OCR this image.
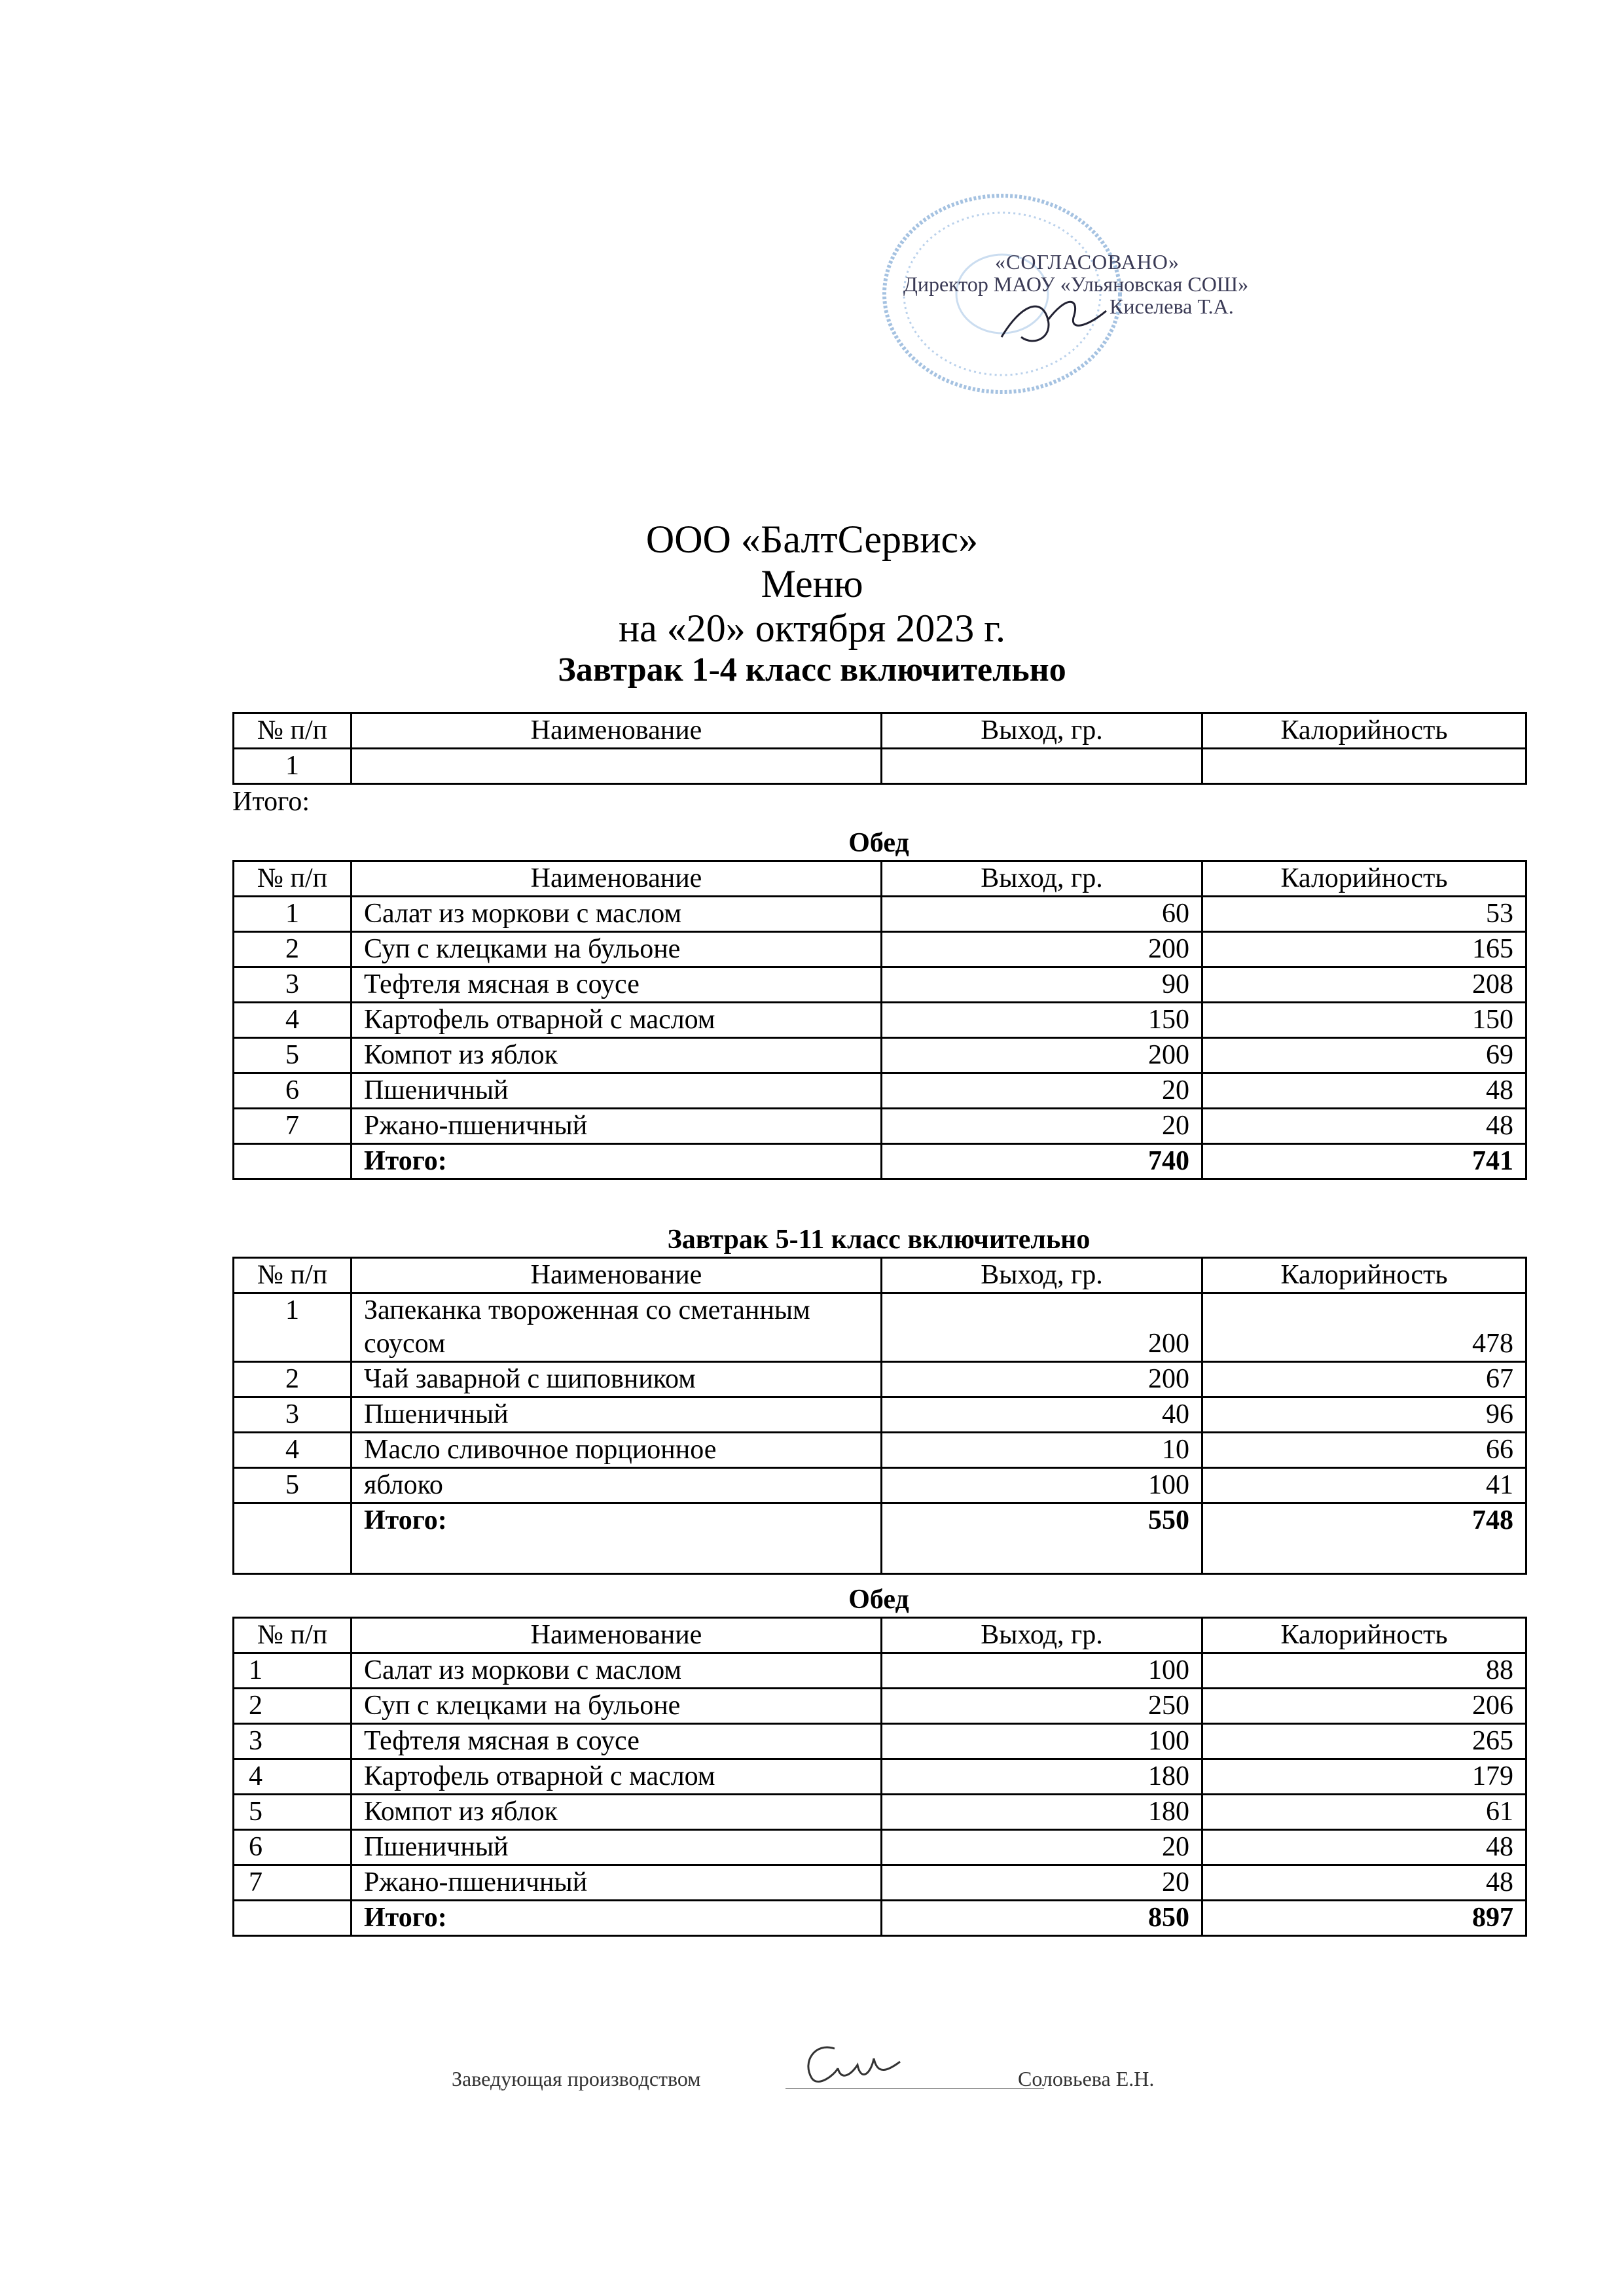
«СОГЛАСОВАНО»
Директор МАОУ «Ульяновская СОШ»
Киселева Т.А.
ООО «БалтСервис»
Меню
на «20» октября 2023 г.
Завтрак 1-4 класс включительно
№ п/п	Наименование	Выход, гр.	Калорийность
1			
Итого:
Обед
№ п/п	Наименование	Выход, гр.	Калорийность
1	Салат из моркови с маслом	60	53
2	Суп с клецками на бульоне	200	165
3	Тефтеля мясная в соусе	90	208
4	Картофель отварной с маслом	150	150
5	Компот из яблок	200	69
6	Пшеничный	20	48
7	Ржано-пшеничный	20	48
	Итого:	740	741
Завтрак 5-11 класс включительно
№ п/п	Наименование	Выход, гр.	Калорийность
1	Запеканка твороженная со сметанным соусом	200	478
2	Чай заварной с шиповником	200	67
3	Пшеничный	40	96
4	Масло сливочное порционное	10	66
5	яблоко	100	41
	Итого:	550	748
Обед
№ п/п	Наименование	Выход, гр.	Калорийность
1	Салат из моркови с маслом	100	88
2	Суп с клецками на бульоне	250	206
3	Тефтеля мясная в соусе	100	265
4	Картофель отварной с маслом	180	179
5	Компот из яблок	180	61
6	Пшеничный	20	48
7	Ржано-пшеничный	20	48
	Итого:	850	897
Заведующая производством	Соловьева Е.Н.
